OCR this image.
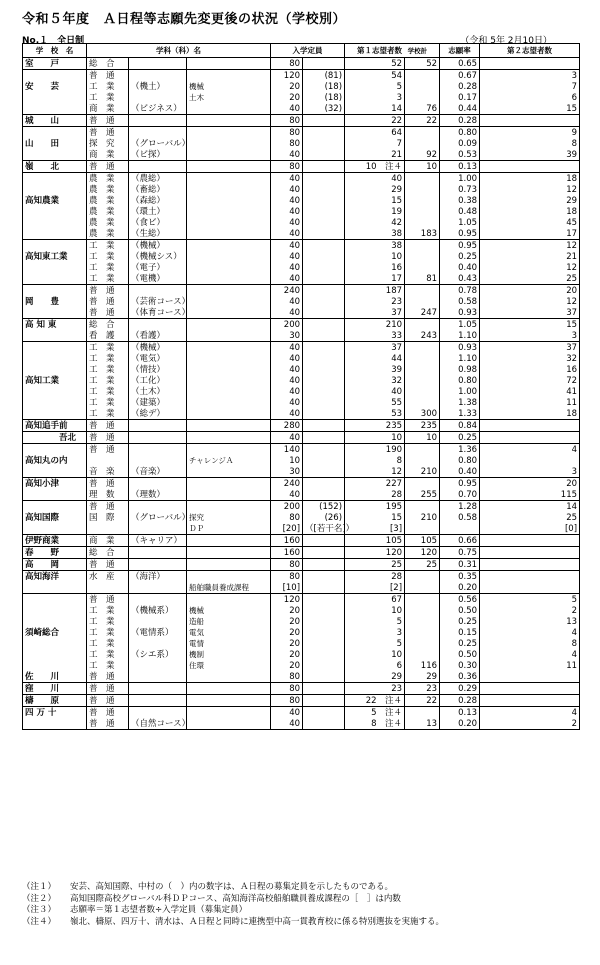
令和５年度　Ａ日程等志願先変更後の状況（学校別）
No.１　全日制	（令和 5年 2月10日）
学　校　名	学科（科）名			入学定員		第１志望者数 学校計		志願率	第２志望者数
室　　戸	総　合			80		52	52	0.65	
	普　通			120	(81)	54		0.67	3
安　　芸	工　業	（機土）	機械	20	(18)	5		0.28	7
	工　業		土木	20	(18)	3		0.17	6
	商　業	（ビジネス）		40	(32)	14	76	0.44	15
城　　山	普　通			80		22	22	0.28	
	普　通			80		64		0.80	9
山　　田	探　究	（グローバル）		80		7		0.09	8
	商　業	（ビ探）		40		21	92	0.53	39
嶺　　北	普　通			80		10　注４	10	0.13	
	農　業	（農総）		40		40		1.00	18
	農　業	（畜総）		40		29		0.73	12
高知農業	農　業	（森総）		40		15		0.38	29
	農　業	（環土）		40		19		0.48	18
	農　業	（食ビ）		40		42		1.05	45
	農　業	（生総）		40		38	183	0.95	17
	工　業	（機械）		40		38		0.95	12
高知東工業	工　業	（機械シス）		40		10		0.25	21
	工　業	（電子）		40		16		0.40	12
	工　業	（電機）		40		17	81	0.43	25
	普　通			240		187		0.78	20
岡　　豊	普　通	（芸術コース）		40		23		0.58	12
	普　通	（体育コース）		40		37	247	0.93	37
高 知 東	総　合			200		210		1.05	15
	看　護	（看護）		30		33	243	1.10	3
	工　業	（機械）		40		37		0.93	37
	工　業	（電気）		40		44		1.10	32
	工　業	（情技）		40		39		0.98	16
高知工業	工　業	（工化）		40		32		0.80	72
	工　業	（土木）		40		40		1.00	41
	工　業	（建築）		40		55		1.38	11
	工　業	（総デ）		40		53	300	1.33	18
高知追手前	普　通			280		235	235	0.84	
　　　　吾北	普　通			40		10	10	0.25	
	普　通			140		190		1.36	4
高知丸の内			チャレンジＡ	10		8		0.80	
	音　楽	（音楽）		30		12	210	0.40	3
高知小津	普　通			240		227		0.95	20
	理　数	（理数）		40		28	255	0.70	115
	普　通			200	(152)	195		1.28	14
高知国際	国　際	（グローバル）	探究	80	(26)	15	210	0.58	25
			ＤＰ	[20]	（[若干名]）	[3]			[0]
伊野商業	商　業	（キャリア）		160		105	105	0.66	
春　　野	総　合			160		120	120	0.75	
高　　岡	普　通			80		25	25	0.31	
高知海洋	水　産	（海洋）		80		28		0.35	
			船舶職員養成課程	[10]		[2]		0.20	
	普　通			120		67		0.56	5
	工　業	（機械系）	機械	20		10		0.50	2
	工　業		造船	20		5		0.25	13
須崎総合	工　業	（電情系）	電気	20		3		0.15	4
	工　業		電情	20		5		0.25	8
	工　業	（シエ系）	機制	20		10		0.50	4
	工　業		住環	20		6	116	0.30	11
佐　　川	普　通			80		29	29	0.36	
窪　　川	普　通			80		23	23	0.29	
檮　　原	普　通			80		22　注４	22	0.28	
四 万 十	普　通			40		5　注４		0.13	4
	普　通	（自然コース）		40		8　注４	13	0.20	2
（注１） 安芸、高知国際、中村の（　）内の数字は、Ａ日程の募集定員を示したものである。
（注２） 高知国際高校グローバル科ＤＰコース、高知海洋高校船舶職員養成課程の［　］は内数
（注３） 志願率＝第１志望者数÷入学定員（募集定員）
（注４） 嶺北、檮原、四万十、清水は、Ａ日程と同時に連携型中高一貫教育校に係る特別選抜を実施する。
